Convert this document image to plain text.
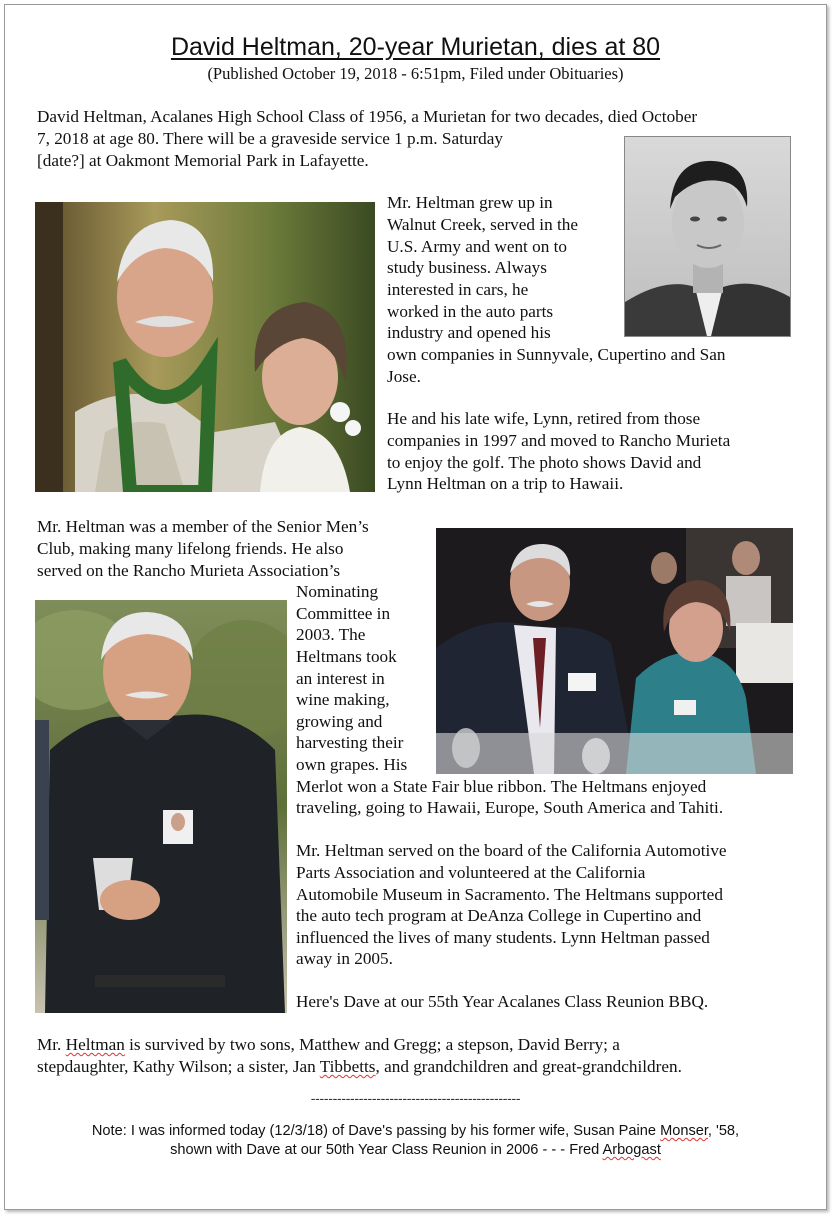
David Heltman, 20-year Murietan, dies at 80
(Published October 19, 2018 - 6:51pm, Filed under Obituaries)
David Heltman, Acalanes High School Class of 1956, a Murietan for two decades, died October
7, 2018 at age 80. There will be a graveside service 1 p.m. Saturday
[date?] at Oakmont Memorial Park in Lafayette.
Mr. Heltman grew up in
Walnut Creek, served in the
U.S. Army and went on to
study business. Always
interested in cars, he
worked in the auto parts
industry and opened his
own companies in Sunnyvale, Cupertino and San
Jose.
He and his late wife, Lynn, retired from those
companies in 1997 and moved to Rancho Murieta
to enjoy the golf. The photo shows David and
Lynn Heltman on a trip to Hawaii.
Mr. Heltman was a member of the Senior Men’s
Club, making many lifelong friends. He also
served on the Rancho Murieta Association’s
Nominating
Committee in
2003. The
Heltmans took
an interest in
wine making,
growing and
harvesting their
own grapes. His
Merlot won a State Fair blue ribbon. The Heltmans enjoyed
traveling, going to Hawaii, Europe, South America and Tahiti.
Mr. Heltman served on the board of the California Automotive
Parts Association and volunteered at the California
Automobile Museum in Sacramento. The Heltmans supported
the auto tech program at DeAnza College in Cupertino and
influenced the lives of many students. Lynn Heltman passed
away in 2005.
Here's Dave at our 55th Year Acalanes Class Reunion BBQ.
Mr. Heltman is survived by two sons, Matthew and Gregg; a stepson, David Berry; a
stepdaughter, Kathy Wilson; a sister, Jan Tibbetts, and grandchildren and great-grandchildren.
------------------------------------------------
Note: I was informed today (12/3/18) of Dave's passing by his former wife, Susan Paine Monser, '58,
shown with Dave at our 50th Year Class Reunion in 2006 - - - Fred Arbogast
